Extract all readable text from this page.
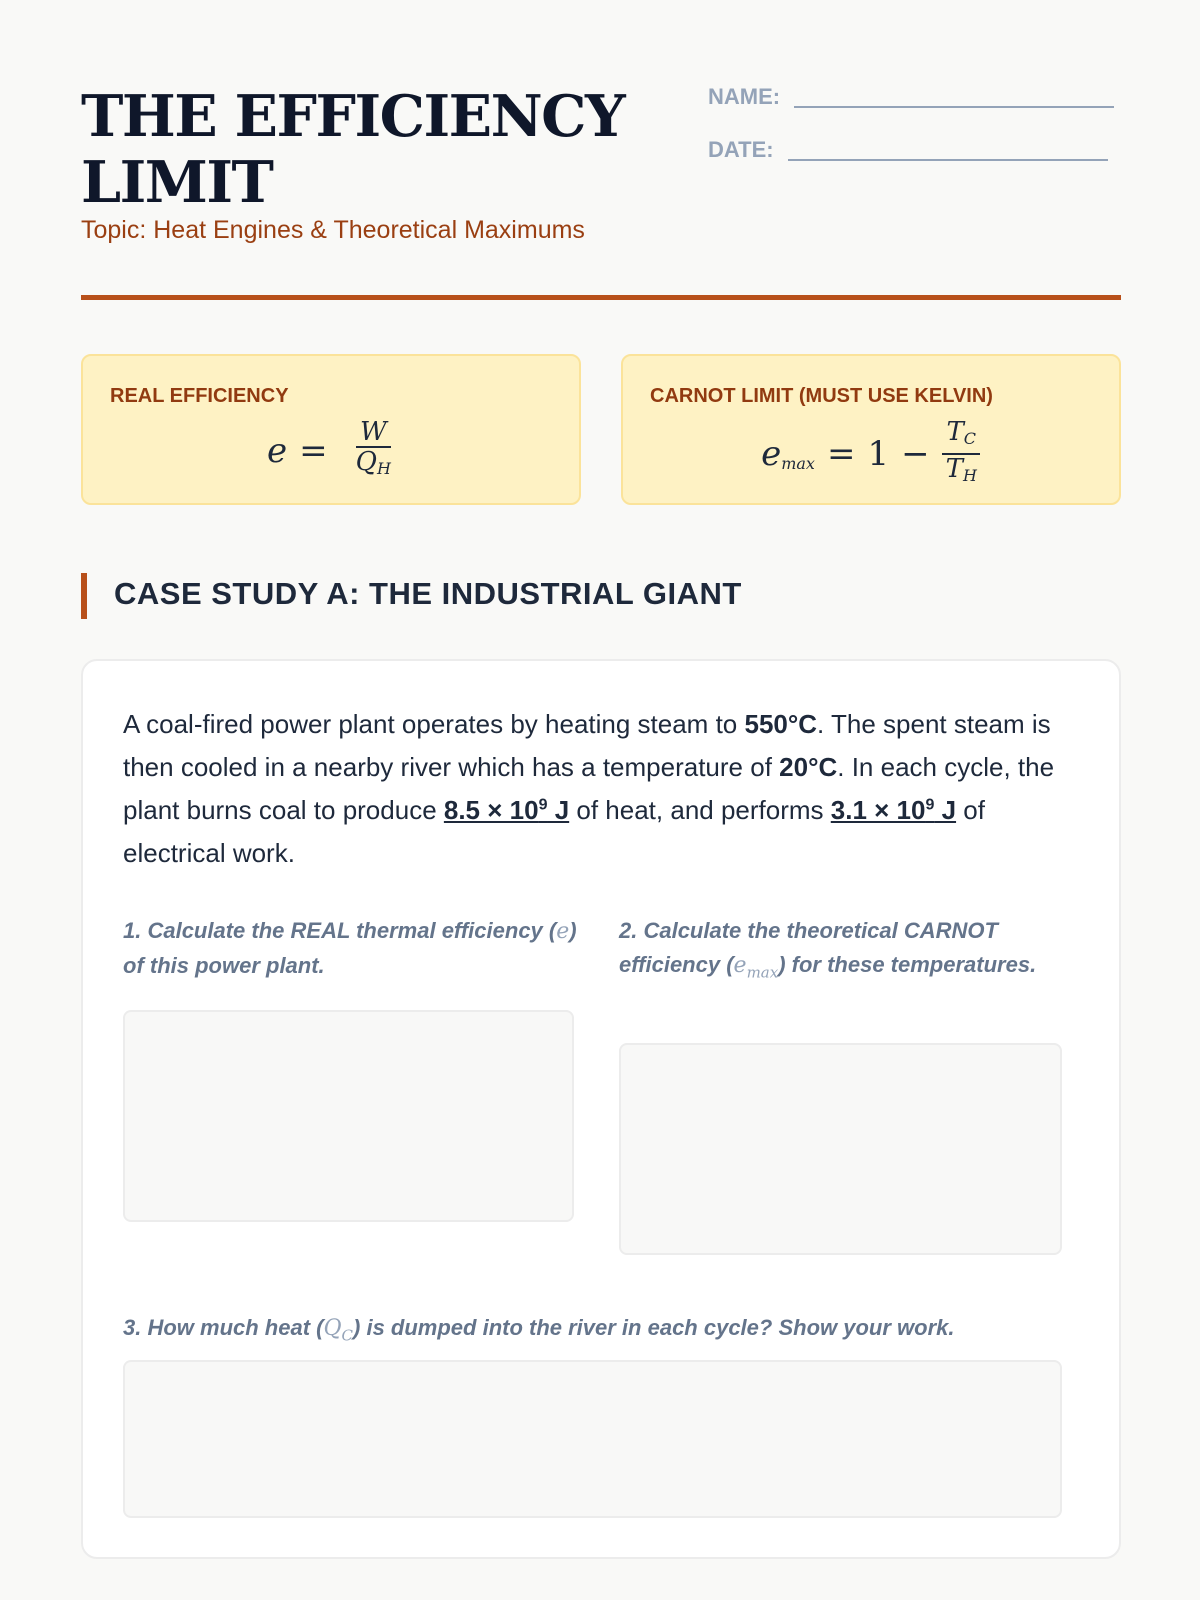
THE EFFICIENCY LIMIT
Topic: Heat Engines & Theoretical Maximums
NAME:
DATE:
REAL EFFICIENCY
$e = \frac{W}{Q_H}$
CARNOT LIMIT (MUST USE KELVIN)
$e_{max} = 1 - \frac{T_C}{T_H}$
CASE STUDY A: THE INDUSTRIAL GIANT

A coal-fired power plant operates by heating steam to 550°C. The spent steam is then cooled in a nearby river which has a temperature of 20°C. In each cycle, the plant burns coal to produce $8.5 \times 10^9$ J of heat, and performs $3.1 \times 10^9$ J of electrical work.

1. Calculate the REAL thermal efficiency (e) of this power plant.
2. Calculate the theoretical CARNOT efficiency $(e_{max})$ for these temperatures.
3. How much heat $(Q_C)$ is dumped into the river in each cycle? Show your work.
